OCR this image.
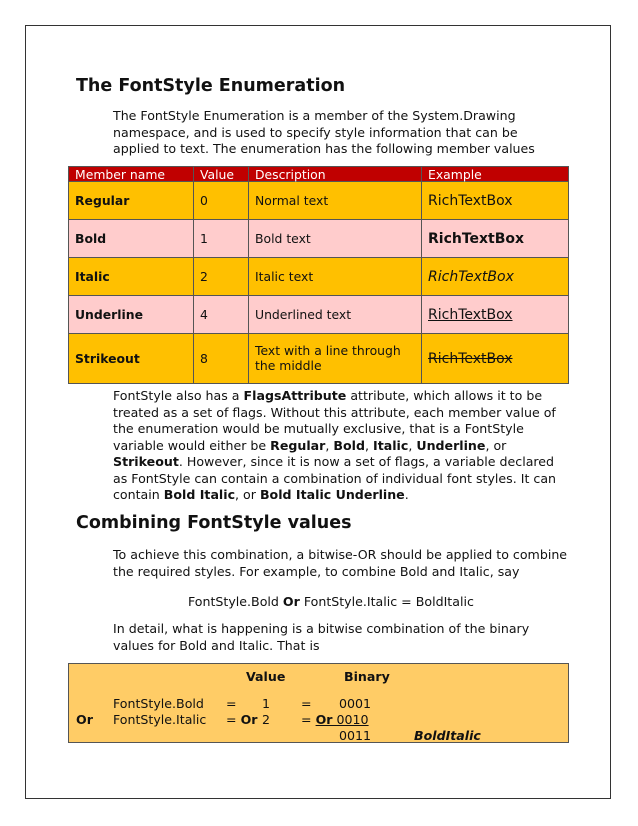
The FontStyle Enumeration
The FontStyle Enumeration is a member of the System.Drawing namespace, and is used to specify style information that can be applied to text. The enumeration has the following member values
Member name	Value	Description	Example
Regular	0	Normal text	RichTextBox
Bold	1	Bold text	RichTextBox
Italic	2	Italic text	RichTextBox
Underline	4	Underlined text	RichTextBox
Strikeout	8	Text with a line through the middle	RichTextBox
FontStyle also has a FlagsAttribute attribute, which allows it to be treated as a set of flags. Without this attribute, each member value of the enumeration would be mutually exclusive, that is a FontStyle variable would either be Regular, Bold, Italic, Underline, or Strikeout. However, since it is now a set of flags, a variable declared as FontStyle can contain a combination of individual font styles. It can contain Bold Italic, or Bold Italic Underline.
Combining FontStyle values
To achieve this combination, a bitwise-OR should be applied to combine the required styles. For example, to combine Bold and Italic, say
FontStyle.Bold Or FontStyle.Italic = BoldItalic
In detail, what is happening is a bitwise combination of the binary values for Bold and Italic. That is
Value	Binary
FontStyle.Bold = 1 = 0001
Or FontStyle.Italic = Or 2 = Or 0010
0011	BoldItalic
